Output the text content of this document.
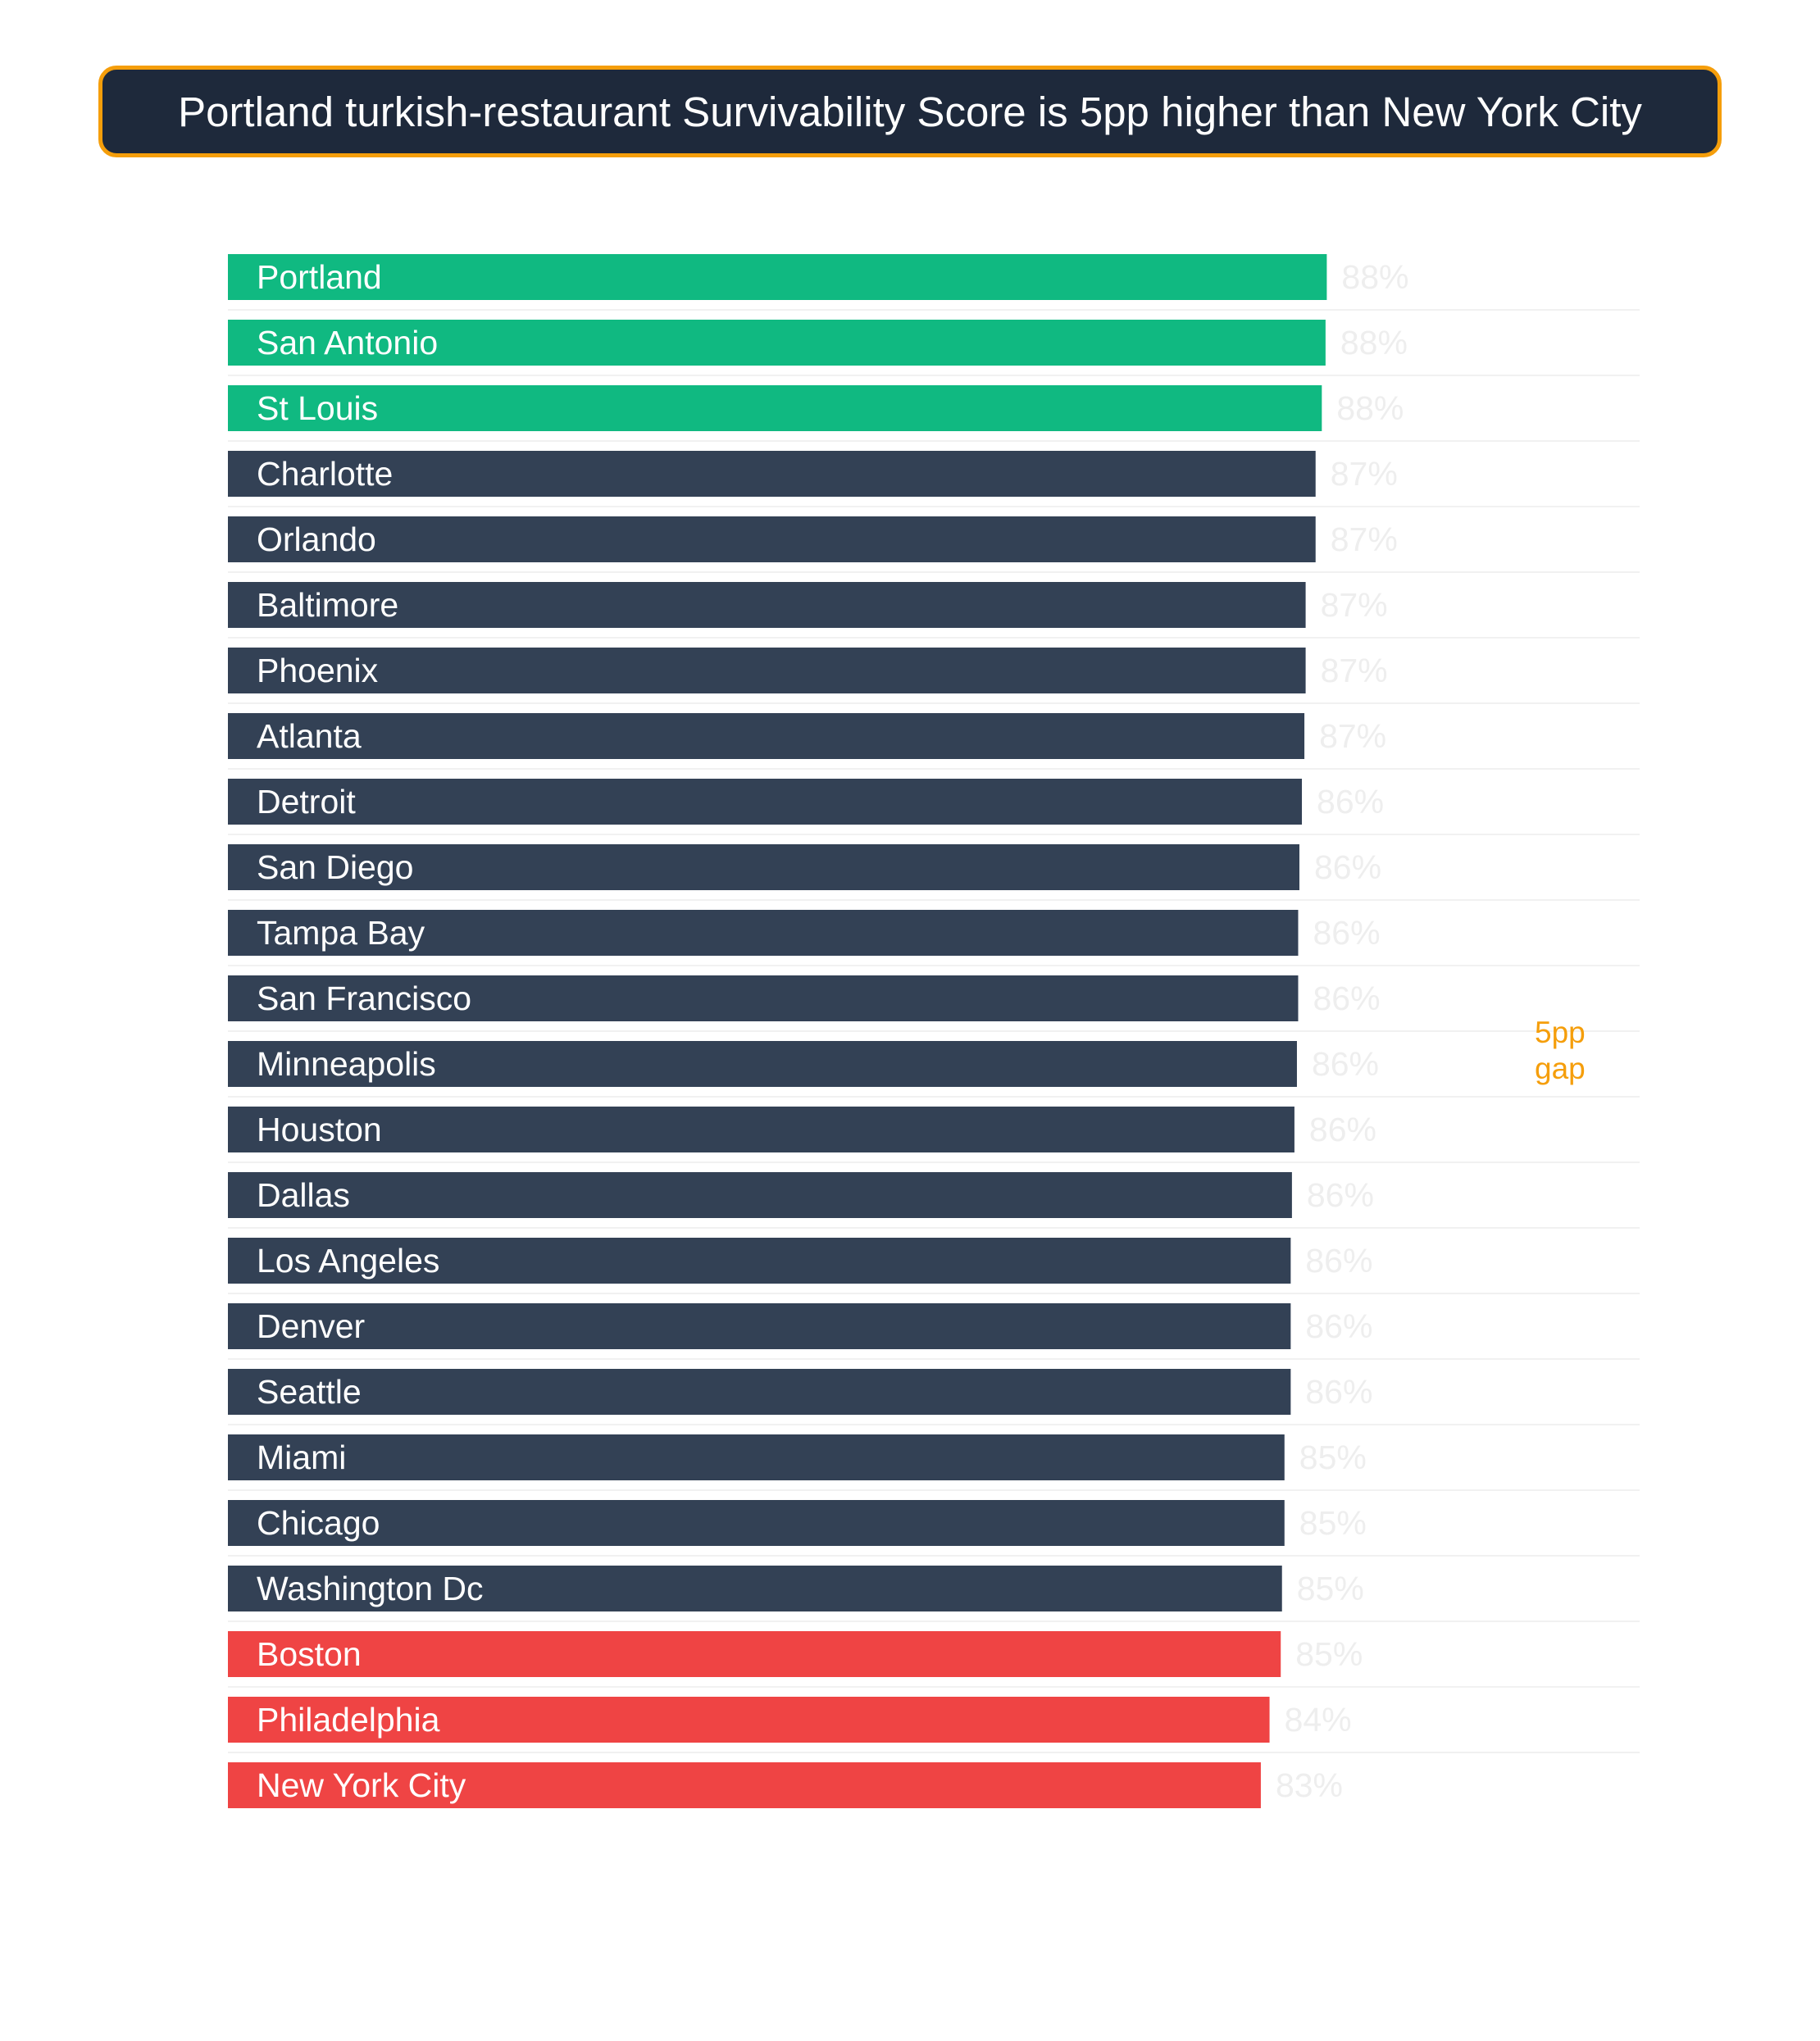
Portland turkish-restaurant Survivability Score is 5pp higher than New York City
Portland	88%
San Antonio	88%
St Louis	88%
Charlotte	87%
Orlando	87%
Baltimore	87%
Phoenix	87%
Atlanta	87%
Detroit	86%
San Diego	86%
Tampa Bay	86%
San Francisco	86%
Minneapolis	86%
Houston	86%
Dallas	86%
Los Angeles	86%
Denver	86%
Seattle	86%
Miami	85%
Chicago	85%
Washington Dc	85%
Boston	85%
Philadelphia	84%
New York City	83%
5pp gap
